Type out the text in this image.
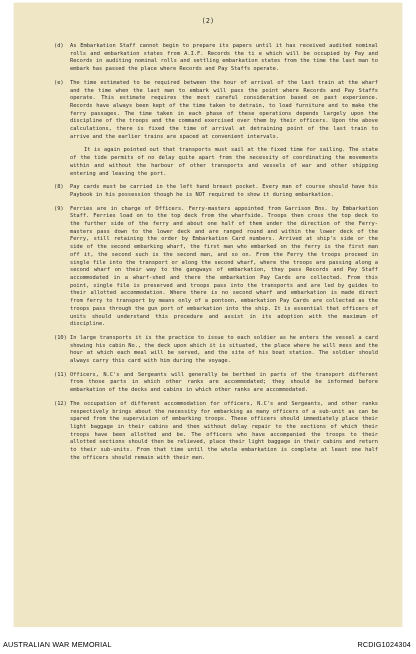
(2)
(d)	As Embarkation Staff cannot begin to prepare its papers until it has received audited nominal rolls and embarkation states from A.I.F. Records the ti e which will be occupied by Pay and Records in auditing nominal rolls and settling embarkation states from the time the last man to embark has passed the place where Records and Pay Staffs operate.
(e)	The time estimated to be required between the hour of arrival of the last train at the wharf and the time when the last man to embark will pass the point where Records and Pay Staffs operate. This estimate requires the most careful consideration based on past experience. Records have always been kept of the time taken to detrain, to load furniture and to make the ferry passages. The time taken in each phase of these operations depends largely upon the discipline of the troops and the command exercised over them by their officers. Upon the above calculations, there is fixed the time of arrival at detraining point of the last train to arrive and the earlier trains are spaced at convenient intervals.
It is again pointed out that transports must sail at the fixed time for sailing. The state of the tide permits of no delay quite apart from the necessity of coordinating the movements within and without the harbour of other transports and vessels of war and other shipping entering and leaving the port.
(8)	Pay cards must be carried in the left hand breast pocket. Every man of course should have his Paybook in his possession though he is NOT required to show it during embarkation.
(9)	Ferries are in charge of Officers. Ferry-masters appointed from Garrison Bns. by Embarkation Staff. Ferries load on to the top deck from the wharfside. Troops then cross the top deck to the further side of the ferry and about one half of them under the direction of the Ferry-masters pass down to the lower deck and are ranged round and within the lower deck of the Ferry, still retaining the order by Embarkation Card numbers. Arrived at ship's side or the side of the second embarking wharf, the first man who embarked on the ferry is the first man off it, the second such is the second man, and so on. From the Ferry the troops proceed in single file into the transport or along the second wharf, where the troops are passing along a second wharf on their way to the gangways of embarkation, they pass Records and Pay Staff accommodated in a wharf-shed and there the embarkation Pay Cards are collected. From this point, single file is preserved and troops pass into the transports and are led by guides to their allotted accommodation. Where there is no second wharf and embarkation is made direct from ferry to transport by means only of a pontoon, embarkation Pay Cards are collected as the troops pass through the gun port of embarkation into the ship. It is essential that officers of units should understand this procedure and assist in its adoption with the maximum of discipline.
(10) In large transports it is the practice to issue to each soldier as he enters the vessel a card showing his cabin No., the deck upon which it is situated, the place where he will mess and the hour at which each meal will be served, and the site of his boat station. The soldier should always carry this card with him during the voyage.
(11) Officers, N.C's and Sergeants will generally be berthed in parts of the transport different from those parts in which other ranks are accommodated; they should be informed before embarkation of the decks and cabins in which other ranks are accommodated.
(12) The occupation of different accommodation for officers, N.C's and Sergeants, and other ranks respectively brings about the necessity for embarking as many officers of a sub-unit as can be spared from the supervision of embarking troops. These officers should immediately place their light baggage in their cabins and then without delay repair to the sections of which their troops have been allotted and be. The officers who have accompanied the troops to their allotted sections should then be relieved, place their light baggage in their cabins and return to their sub-units. From that time until the whole embarkation is complete at least one half the officers should remain with their men.
AUSTRALIAN WAR MEMORIAL	RCDIG1024304
